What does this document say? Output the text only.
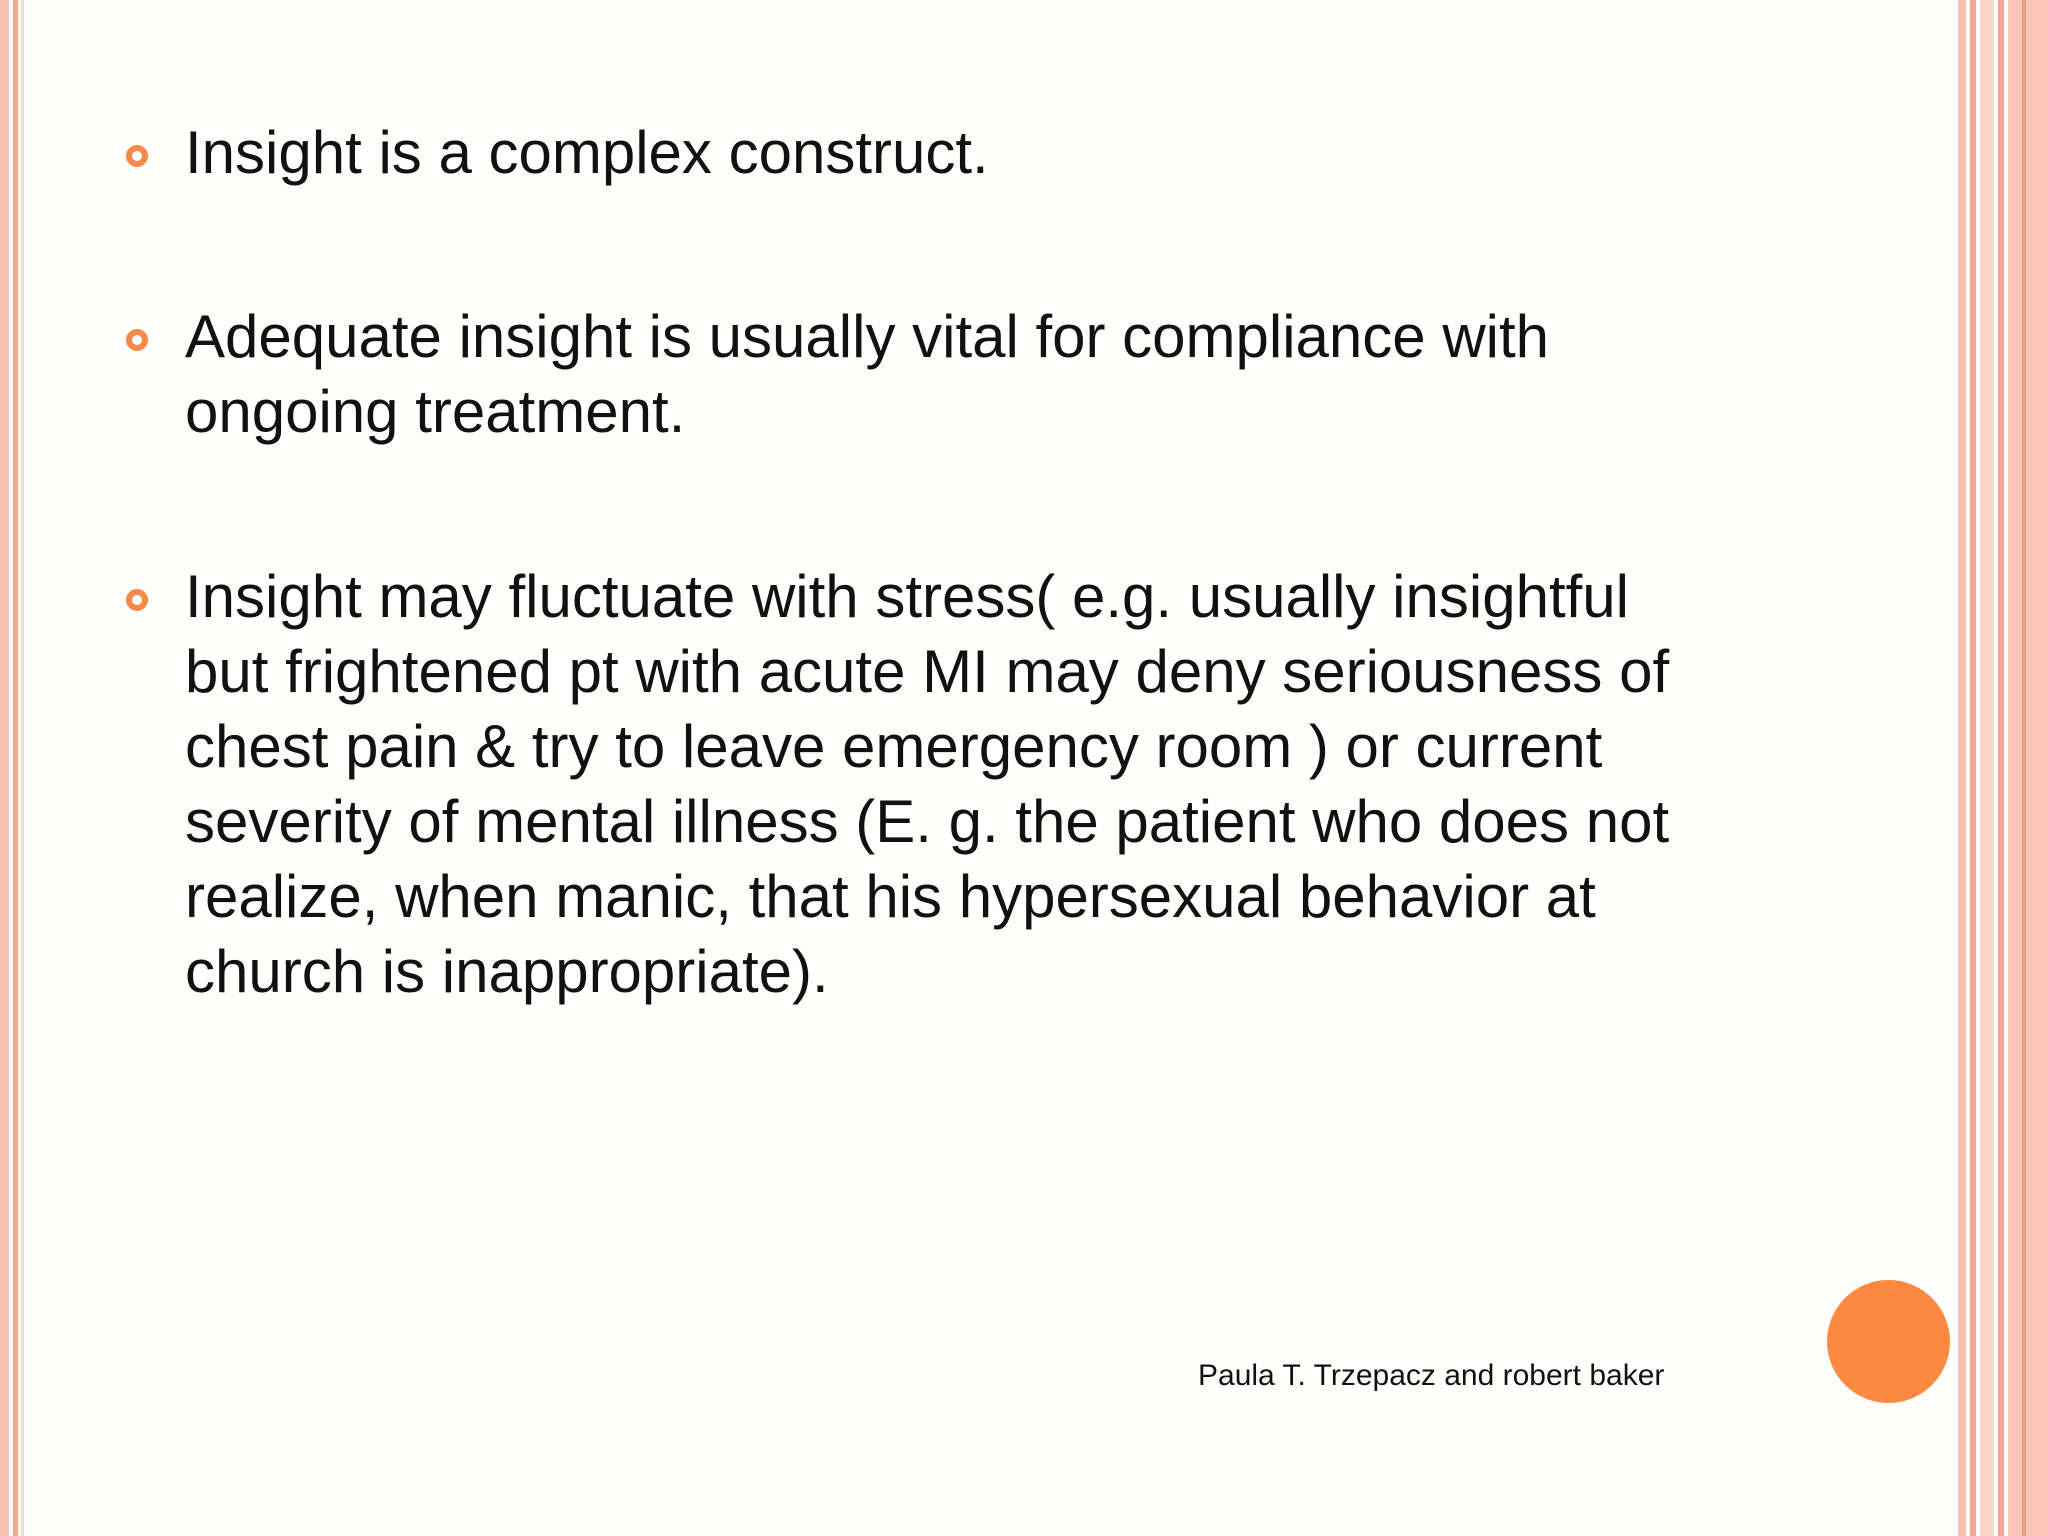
Insight is a complex construct.

Adequate insight is usually vital for compliance with
ongoing treatment.

Insight may fluctuate with stress( e.g. usually insightful
but frightened pt with acute MI may deny seriousness of
chest pain & try to leave emergency room ) or current
severity of mental illness (E. g. the patient who does not
realize, when manic, that his hypersexual behavior at
church is inappropriate).

Paula T. Trzepacz and robert baker
